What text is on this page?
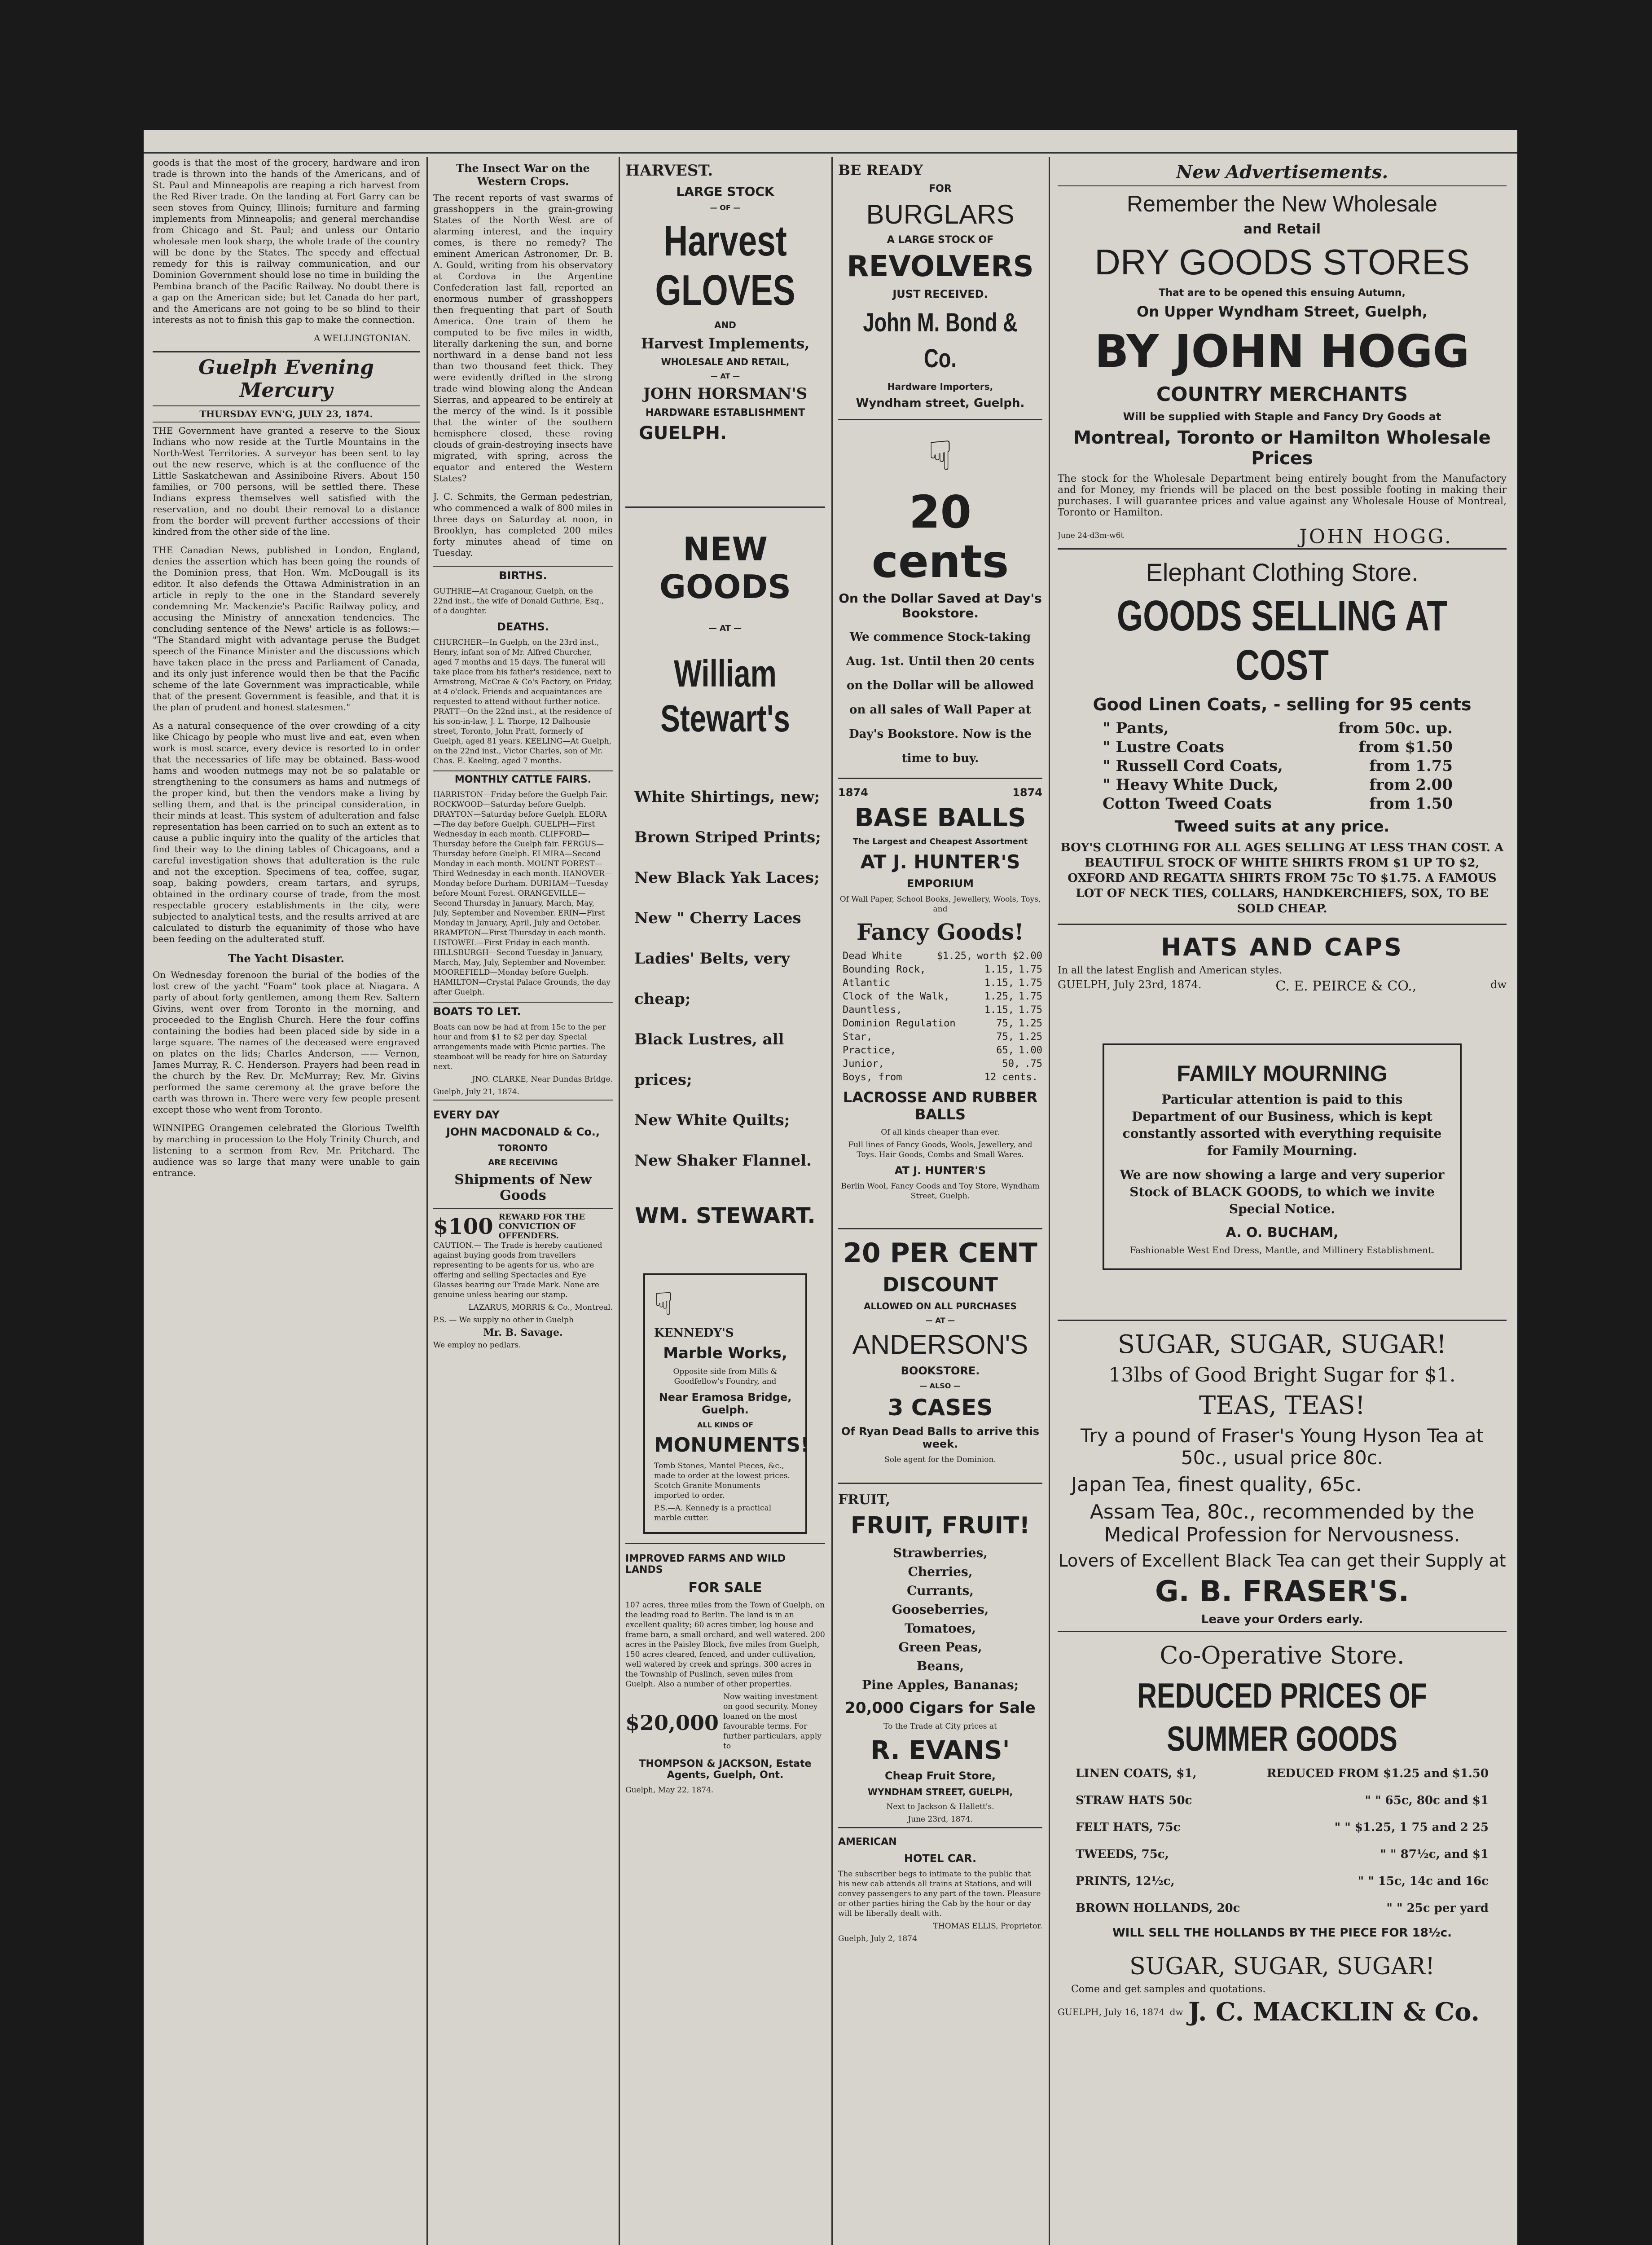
goods is that the most of the grocery, hardware and iron trade is thrown into the hands of the Americans, and of St. Paul and Minneapolis are reaping a rich harvest from the Red River trade. On the landing at Fort Garry can be seen stoves from Quincy, Illinois; furniture and farming implements from Minneapolis; and general merchandise from Chicago and St. Paul; and unless our Ontario wholesale men look sharp, the whole trade of the country will be done by the States. The speedy and effectual remedy for this is railway communication, and our Dominion Government should lose no time in building the Pembina branch of the Pacific Railway. No doubt there is a gap on the American side; but let Canada do her part, and the Americans are not going to be so blind to their interests as not to finish this gap to make the connection.

A WELLINGTONIAN.

Guelph Evening Mercury
THURSDAY EVN'G, JULY 23, 1874.

THE Government have granted a reserve to the Sioux Indians who now reside at the Turtle Mountains in the North-West Territories. A surveyor has been sent to lay out the new reserve, which is at the confluence of the Little Saskatchewan and Assiniboine Rivers. About 150 families, or 700 persons, will be settled there. These Indians express themselves well satisfied with the reservation, and no doubt their removal to a distance from the border will prevent further accessions of their kindred from the other side of the line.

THE Canadian News, published in London, England, denies the assertion which has been going the rounds of the Dominion press, that Hon. Wm. McDougall is its editor. It also defends the Ottawa Administration in an article in reply to the one in the Standard severely condemning Mr. Mackenzie's Pacific Railway policy, and accusing the Ministry of annexation tendencies. The concluding sentence of the News' article is as follows:— "The Standard might with advantage peruse the Budget speech of the Finance Minister and the discussions which have taken place in the press and Parliament of Canada, and its only just inference would then be that the Pacific scheme of the late Government was impracticable, while that of the present Government is feasible, and that it is the plan of prudent and honest statesmen."

As a natural consequence of the over crowding of a city like Chicago by people who must live and eat, even when work is most scarce, every device is resorted to in order that the necessaries of life may be obtained. Bass-wood hams and wooden nutmegs may not be so palatable or strengthening to the consumers as hams and nutmegs of the proper kind, but then the vendors make a living by selling them, and that is the principal consideration, in their minds at least. This system of adulteration and false representation has been carried on to such an extent as to cause a public inquiry into the quality of the articles that find their way to the dining tables of Chicagoans, and a careful investigation shows that adulteration is the rule and not the exception. Specimens of tea, coffee, sugar, soap, baking powders, cream tartars, and syrups, obtained in the ordinary course of trade, from the most respectable grocery establishments in the city, were subjected to analytical tests, and the results arrived at are calculated to disturb the equanimity of those who have been feeding on the adulterated stuff.

The Yacht Disaster.

On Wednesday forenoon the burial of the bodies of the lost crew of the yacht "Foam" took place at Niagara. A party of about forty gentlemen, among them Rev. Saltern Givins, went over from Toronto in the morning, and proceeded to the English Church. Here the four coffins containing the bodies had been placed side by side in a large square. The names of the deceased were engraved on plates on the lids; Charles Anderson, —— Vernon, James Murray, R. C. Henderson. Prayers had been read in the church by the Rev. Dr. McMurray; Rev. Mr. Givins performed the same ceremony at the grave before the earth was thrown in. There were very few people present except those who went from Toronto.

WINNIPEG Orangemen celebrated the Glorious Twelfth by marching in procession to the Holy Trinity Church, and listening to a sermon from Rev. Mr. Pritchard. The audience was so large that many were unable to gain entrance.

The Insect War on the Western Crops.

The recent reports of vast swarms of grasshoppers in the grain-growing States of the North West are of alarming interest, and the inquiry comes, is there no remedy? The eminent American Astronomer, Dr. B. A. Gould, writing from his observatory at Cordova in the Argentine Confederation last fall, reported an enormous number of grasshoppers then frequenting that part of South America. One train of them he computed to be five miles in width, literally darkening the sun, and borne northward in a dense band not less than two thousand feet thick. They were evidently drifted in the strong trade wind blowing along the Andean Sierras, and appeared to be entirely at the mercy of the wind. Is it possible that the winter of the southern hemisphere closed, these roving clouds of grain-destroying insects have migrated, with spring, across the equator and entered the Western States?

J. C. Schmits, the German pedestrian, who commenced a walk of 800 miles in three days on Saturday at noon, in Brooklyn, has completed 200 miles forty minutes ahead of time on Tuesday.

BIRTHS.

GUTHRIE—At Craganour, Guelph, on the 22nd inst., the wife of Donald Guthrie, Esq., of a daughter.

DEATHS.

CHURCHER—In Guelph, on the 23rd inst., Henry, infant son of Mr. Alfred Churcher, aged 7 months and 15 days. The funeral will take place from his father's residence, next to Armstrong, McCrae & Co's Factory, on Friday, at 4 o'clock. Friends and acquaintances are requested to attend without further notice. PRATT—On the 22nd inst., at the residence of his son-in-law, J. L. Thorpe, 12 Dalhousie street, Toronto, John Pratt, formerly of Guelph, aged 81 years. KEELING—At Guelph, on the 22nd inst., Victor Charles, son of Mr. Chas. E. Keeling, aged 7 months.

MONTHLY CATTLE FAIRS.

HARRISTON—Friday before the Guelph Fair. ROCKWOOD—Saturday before Guelph. DRAYTON—Saturday before Guelph. ELORA—The day before Guelph. GUELPH—First Wednesday in each month. CLIFFORD—Thursday before the Guelph fair. FERGUS—Thursday before Guelph. ELMIRA—Second Monday in each month. MOUNT FOREST—Third Wednesday in each month. HANOVER—Monday before Durham. DURHAM—Tuesday before Mount Forest. ORANGEVILLE—Second Thursday in January, March, May, July, September and November. ERIN—First Monday in January, April, July and October. BRAMPTON—First Thursday in each month. LISTOWEL—First Friday in each month. HILLSBURGH—Second Tuesday in January, March, May, July, September and November. MOOREFIELD—Monday before Guelph. HAMILTON—Crystal Palace Grounds, the day after Guelph.

BOATS TO LET.

Boats can now be had at from 15c to the per hour and from $1 to $2 per day. Special arrangements made with Picnic parties. The steamboat will be ready for hire on Saturday next.

JNO. CLARKE, Near Dundas Bridge.

Guelph, July 21, 1874.

EVERY DAY
JOHN MACDONALD & Co.,
TORONTO
ARE RECEIVING
Shipments of New Goods
$100 REWARD FOR THE CONVICTION OF OFFENDERS.

CAUTION.— The Trade is hereby cautioned against buying goods from travellers representing to be agents for us, who are offering and selling Spectacles and Eye Glasses bearing our Trade Mark. None are genuine unless bearing our stamp.

LAZARUS, MORRIS & Co., Montreal.

P.S. — We supply no other in Guelph

Mr. B. Savage.

We employ no pedlars.

HARVEST.
LARGE STOCK
— OF —
Harvest GLOVES
AND
Harvest Implements,
WHOLESALE AND RETAIL,
— AT —
JOHN HORSMAN'S
HARDWARE ESTABLISHMENT
GUELPH.
NEW GOODS
— AT —
William Stewart's
White Shirtings, new;
Brown Striped Prints;
New Black Yak Laces;
New " Cherry Laces
Ladies' Belts, very cheap;
Black Lustres, all prices;
New White Quilts;
New Shaker Flannel.
WM. STEWART.
☟
KENNEDY'S
Marble Works,

Opposite side from Mills & Goodfellow's Foundry, and

Near Eramosa Bridge, Guelph.
ALL KINDS OF
MONUMENTS!

Tomb Stones, Mantel Pieces, &c., made to order at the lowest prices. Scotch Granite Monuments imported to order.

P.S.—A. Kennedy is a practical marble cutter.

IMPROVED FARMS AND WILD LANDS
FOR SALE

107 acres, three miles from the Town of Guelph, on the leading road to Berlin. The land is in an excellent quality; 60 acres timber, log house and frame barn, a small orchard, and well watered. 200 acres in the Paisley Block, five miles from Guelph, 150 acres cleared, fenced, and under cultivation, well watered by creek and springs. 300 acres in the Township of Puslinch, seven miles from Guelph. Also a number of other properties.

$20,000
Now waiting investment on good security. Money loaned on the most favourable terms. For further particulars, apply to
THOMPSON & JACKSON, Estate Agents, Guelph, Ont.

Guelph, May 22, 1874.

BE READY
FOR
BURGLARS
A LARGE STOCK OF
REVOLVERS
JUST RECEIVED.
John M. Bond & Co.
Hardware Importers,
Wyndham street, Guelph.
☟
20 cents
On the Dollar Saved at Day's Bookstore.

We commence Stock-taking Aug. 1st. Until then 20 cents on the Dollar will be allowed on all sales of Wall Paper at Day's Bookstore. Now is the time to buy.

1874	1874
BASE BALLS
The Largest and Cheapest Assortment
AT J. HUNTER'S
EMPORIUM

Of Wall Paper, School Books, Jewellery, Wools, Toys, and

Fancy Goods!
Dead White	$1.25, worth $2.00
Bounding Rock,	1.15, 1.75
Atlantic	1.15, 1.75
Clock of the Walk,	1.25, 1.75
Dauntless,	1.15, 1.75
Dominion Regulation	75, 1.25
Star,	75, 1.25
Practice,	65, 1.00
Junior,	50, .75
Boys, from	12 cents.
LACROSSE AND RUBBER BALLS

Of all kinds cheaper than ever.

Full lines of Fancy Goods, Wools, Jewellery, and Toys. Hair Goods, Combs and Small Wares.

AT J. HUNTER'S

Berlin Wool, Fancy Goods and Toy Store, Wyndham Street, Guelph.

20 PER CENT
DISCOUNT
ALLOWED ON ALL PURCHASES
— AT —
ANDERSON'S
BOOKSTORE.
— ALSO —
3 CASES
Of Ryan Dead Balls to arrive this week.

Sole agent for the Dominion.

FRUIT,
FRUIT, FRUIT!
Strawberries,
Cherries,
Currants,
Gooseberries,
Tomatoes,
Green Peas,
Beans,
Pine Apples, Bananas;
20,000 Cigars for Sale

To the Trade at City prices at

R. EVANS'
Cheap Fruit Store,
WYNDHAM STREET, GUELPH,

Next to Jackson & Hallett's.

June 23rd, 1874.

AMERICAN
HOTEL CAR.

The subscriber begs to intimate to the public that his new cab attends all trains at Stations, and will convey passengers to any part of the town. Pleasure or other parties hiring the Cab by the hour or day will be liberally dealt with.

THOMAS ELLIS, Proprietor.

Guelph, July 2, 1874

New Advertisements.
Remember the New Wholesale
and Retail
DRY GOODS STORES
That are to be opened this ensuing Autumn,
On Upper Wyndham Street, Guelph,
BY JOHN HOGG
COUNTRY MERCHANTS
Will be supplied with Staple and Fancy Dry Goods at
Montreal, Toronto or Hamilton Wholesale Prices

The stock for the Wholesale Department being entirely bought from the Manufactory and for Money, my friends will be placed on the best possible footing in making their purchases. I will guarantee prices and value against any Wholesale House of Montreal, Toronto or Hamilton.

June 24-d3m-w6t	JOHN HOGG.
Elephant Clothing Store.
GOODS SELLING AT COST
Good Linen Coats, - selling for 95 cents
" Pants,	from 50c. up.
" Lustre Coats	from $1.50
" Russell Cord Coats,	from 1.75
" Heavy White Duck,	from 2.00
Cotton Tweed Coats	from 1.50
Tweed suits at any price.

BOY'S CLOTHING FOR ALL AGES SELLING AT LESS THAN COST. A BEAUTIFUL STOCK OF WHITE SHIRTS FROM $1 UP TO $2, OXFORD AND REGATTA SHIRTS FROM 75c TO $1.75. A FAMOUS LOT OF NECK TIES, COLLARS, HANDKERCHIEFS, SOX, TO BE SOLD CHEAP.

HATS AND CAPS

In all the latest English and American styles.

GUELPH, July 23rd, 1874.	C. E. PEIRCE & CO.,	dw
FAMILY MOURNING

Particular attention is paid to this Department of our Business, which is kept constantly assorted with everything requisite for Family Mourning.

We are now showing a large and very superior Stock of BLACK GOODS, to which we invite Special Notice.

A. O. BUCHAM,

Fashionable West End Dress, Mantle, and Millinery Establishment.

SUGAR, SUGAR, SUGAR!
13lbs of Good Bright Sugar for $1.
TEAS, TEAS!
Try a pound of Fraser's Young Hyson Tea at 50c., usual price 80c.
Japan Tea, finest quality, 65c.
Assam Tea, 80c., recommended by the Medical Profession for Nervousness.
Lovers of Excellent Black Tea can get their Supply at
G. B. FRASER'S.
Leave your Orders early.
Co-Operative Store.
REDUCED PRICES OF SUMMER GOODS
LINEN COATS, $1,	REDUCED FROM $1.25 and $1.50
STRAW HATS 50c	" " 65c, 80c and $1
FELT HATS, 75c	" " $1.25, 1 75 and 2 25
TWEEDS, 75c,	" " 87½c, and $1
PRINTS, 12½c,	" " 15c, 14c and 16c
BROWN HOLLANDS, 20c	" " 25c per yard
WILL SELL THE HOLLANDS BY THE PIECE FOR 18½c.
SUGAR, SUGAR, SUGAR!

Come and get samples and quotations.

GUELPH, July 16, 1874 dw J. C. MACKLIN & Co.
